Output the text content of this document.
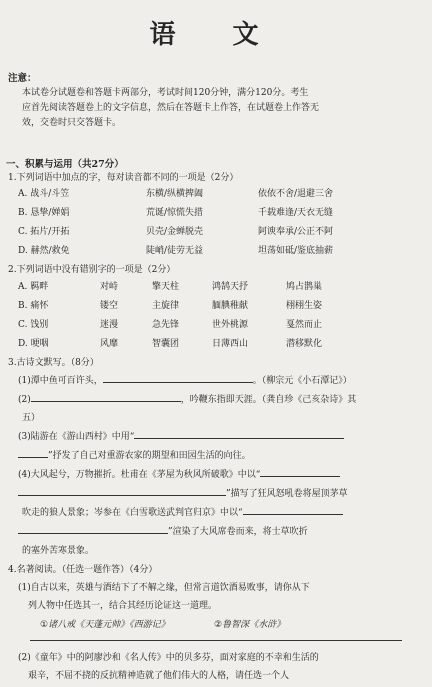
语 文
注意：
本试卷分试题卷和答题卡两部分，考试时间120分钟，满分120分。考生
应首先阅读答题卷上的文字信息，然后在答题卡上作答，在试题卷上作答无
效，交卷时只交答题卡。
一、积累与运用（共27分）
1.下列词语中加点的字，每对读音都不同的一项是（2分）
A. 战斗/斗笠	东横/纵横捭阖	依依不舍/退避三舍
B. 恳挚/婵娟	荒诞/惊慌失措	千载难逢/天衣无缝
C. 拓片/开拓	贝壳/金蝉脱壳	阿谀奉承/公正不阿
D. 赫然/救免	陡峭/徒劳无益	坦荡如砥/鉴底抽薪
2.下列词语中没有错别字的一项是（2分）
A. 羁畔	对峙	擎天柱	鸿鹄天抒	鸠占鹊巢
B. 痛怀	镂空	主旋律	腼腆稚献	栩栩生姿
C. 饯别	迷漫	急先锋	世外桃源	戛然而止
D. 哽咽	风靡	智囊团	日薄西山	潜移默化
3.古诗文默写。（8分）
(1)潭中鱼可百许头，	。（柳宗元《小石潭记》）
(2)	，吟鞭东指即天涯。（龚自珍《己亥杂诗》其
五）
(3)陆游在《游山西村》中用“
”抒发了自己对重游农家的期望和田园生活的向往。
(4)大风起兮，万物摧折。杜甫在《茅屋为秋风所破歌》中以“
”描写了狂风怒吼卷将屋顶茅草
吹走的狼人景象；岑参在《白雪歌送武判官归京》中以“
”渲染了大风席卷而来，将士草吹折
的塞外苦寒景象。
4.名著阅读。（任选一题作答）（4分）
(1)自古以来，英雄与酒结下了不解之缘，但常言道饮酒易败事，请你从下
列人物中任选其一，结合其经历论证这一道理。
①诸八戒《天蓬元帅》《西游记》	②鲁智深《水浒》
(2)《童年》中的阿廖沙和《名人传》中的贝多芬，面对家庭的不幸和生活的
艰辛，不屈不挠的反抗精神造就了他们伟大的人格，请任选一个人
